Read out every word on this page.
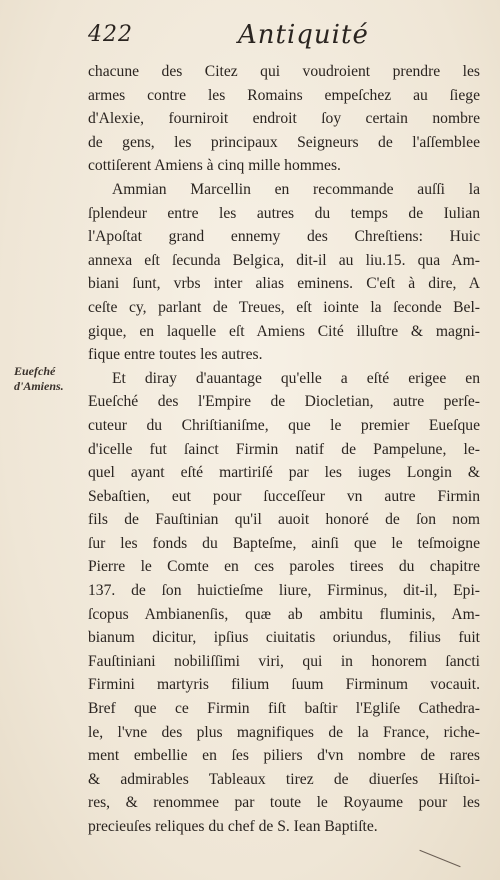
422	Antiquité
Euefché
d'Amiens.
chacune des Citez qui voudroient prendre les
armes contre les Romains empeſchez au ſiege
d'Alexie, fourniroit endroit ſoy certain nombre
de gens, les principaux Seigneurs de l'aſſemblee
cottiſerent Amiens à cinq mille hommes.
Ammian Marcellin en recommande auſſi la
ſplendeur entre les autres du temps de Iulian
l'Apoſtat grand ennemy des Chreſtiens: Huic
annexa eſt ſecunda Belgica, dit-il au liu.15. qua Am-
biani ſunt, vrbs inter alias eminens. C'eſt à dire, A
ceſte cy, parlant de Treues, eſt iointe la ſeconde Bel-
gique, en laquelle eſt Amiens Cité illuſtre & magni-
fique entre toutes les autres.
Et diray d'auantage qu'elle a eſté erigee en
Eueſché des l'Empire de Diocletian, autre perſe-
cuteur du Chriſtianiſme, que le premier Eueſque
d'icelle fut ſainct Firmin natif de Pampelune, le-
quel ayant eſté martiriſé par les iuges Longin &
Sebaſtien, eut pour ſucceſſeur vn autre Firmin
fils de Fauſtinian qu'il auoit honoré de ſon nom
ſur les fonds du Bapteſme, ainſi que le teſmoigne
Pierre le Comte en ces paroles tirees du chapitre
137. de ſon huictieſme liure, Firminus, dit-il, Epi-
ſcopus Ambianenſis, quæ ab ambitu fluminis, Am-
bianum dicitur, ipſius ciuitatis oriundus, filius fuit
Fauſtiniani nobiliſſimi viri, qui in honorem ſancti
Firmini martyris filium ſuum Firminum vocauit.
Bref que ce Firmin fiſt baſtir l'Egliſe Cathedra-
le, l'vne des plus magnifiques de la France, riche-
ment embellie en ſes piliers d'vn nombre de rares
& admirables Tableaux tirez de diuerſes Hiſtoi-
res, & renommee par toute le Royaume pour les
precieuſes reliques du chef de S. Iean Baptiſte.
